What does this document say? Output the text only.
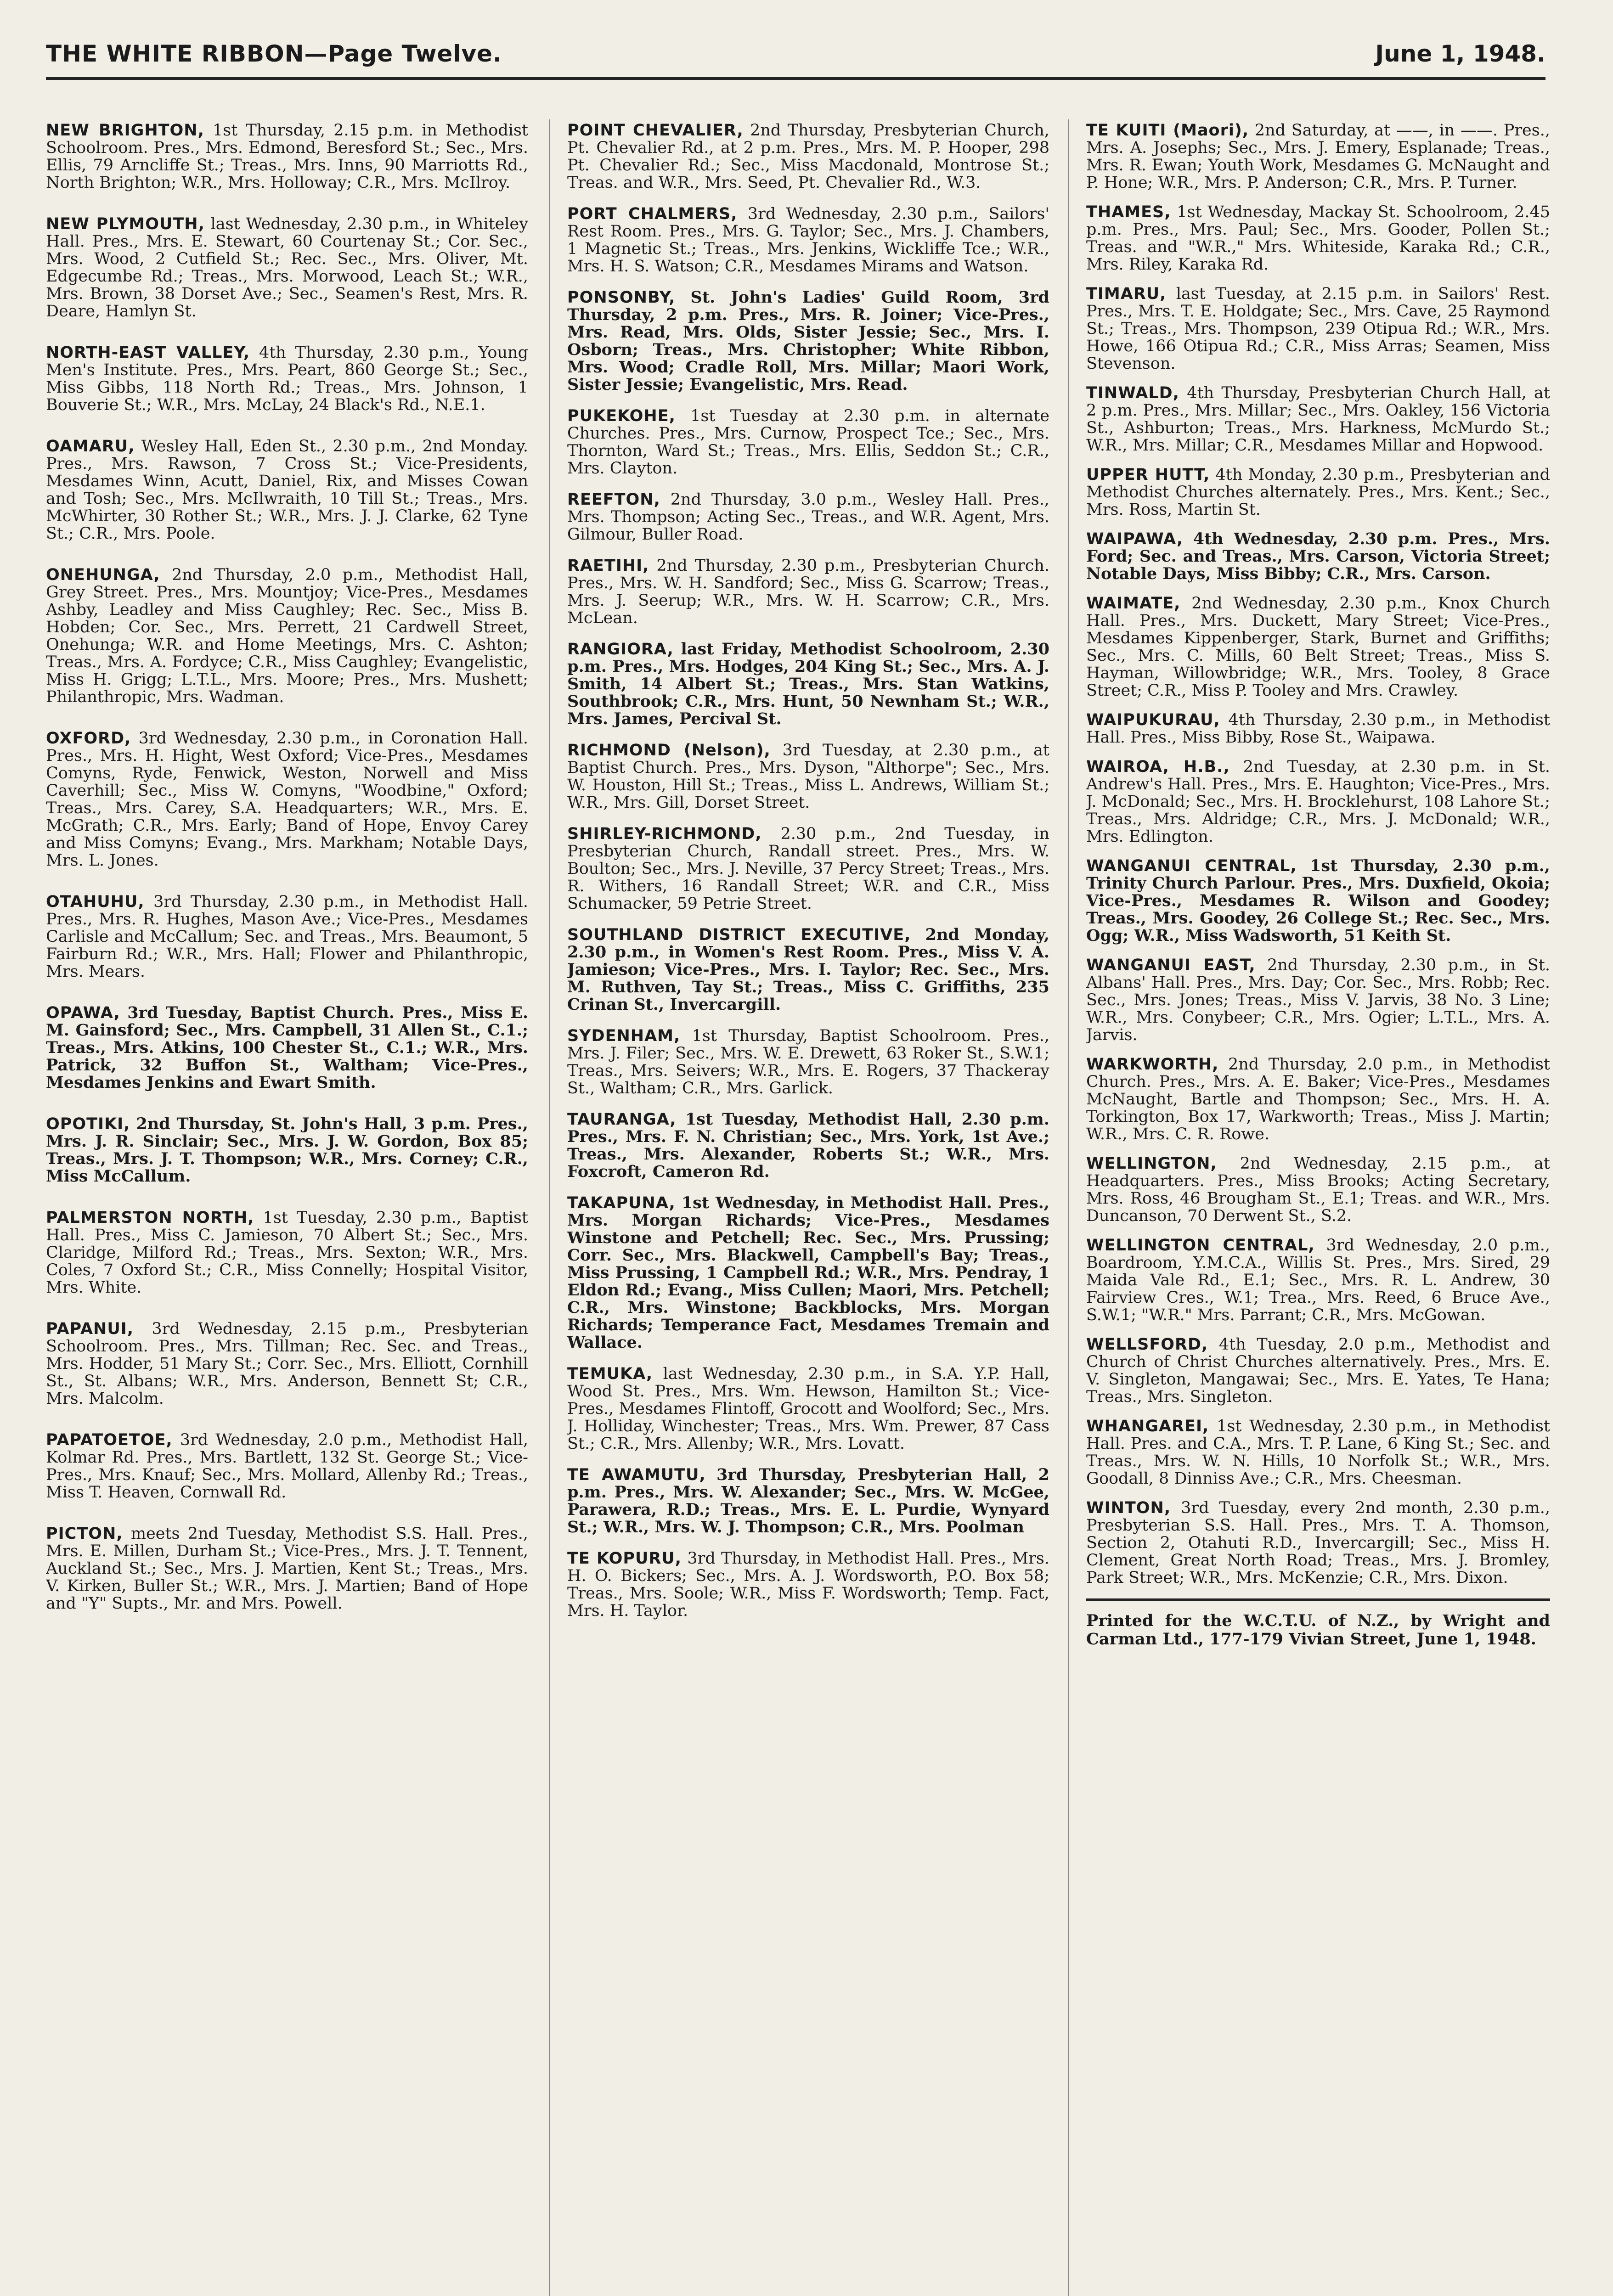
THE WHITE RIBBON—Page Twelve.	June 1, 1948.

NEW BRIGHTON, 1st Thursday, 2.15 p.m. in Methodist Schoolroom. Pres., Mrs. Edmond, Beresford St.; Sec., Mrs. Ellis, 79 Arncliffe St.; Treas., Mrs. Inns, 90 Marriotts Rd., North Brighton; W.R., Mrs. Holloway; C.R., Mrs. McIlroy.

NEW PLYMOUTH, last Wednesday, 2.30 p.m., in Whiteley Hall. Pres., Mrs. E. Stewart, 60 Courtenay St.; Cor. Sec., Mrs. Wood, 2 Cutfield St.; Rec. Sec., Mrs. Oliver, Mt. Edgecumbe Rd.; Treas., Mrs. Morwood, Leach St.; W.R., Mrs. Brown, 38 Dorset Ave.; Sec., Seamen's Rest, Mrs. R. Deare, Hamlyn St.

NORTH-EAST VALLEY, 4th Thursday, 2.30 p.m., Young Men's Institute. Pres., Mrs. Peart, 860 George St.; Sec., Miss Gibbs, 118 North Rd.; Treas., Mrs. Johnson, 1 Bouverie St.; W.R., Mrs. McLay, 24 Black's Rd., N.E.1.

OAMARU, Wesley Hall, Eden St., 2.30 p.m., 2nd Monday. Pres., Mrs. Rawson, 7 Cross St.; Vice-Presidents, Mesdames Winn, Acutt, Daniel, Rix, and Misses Cowan and Tosh; Sec., Mrs. McIlwraith, 10 Till St.; Treas., Mrs. McWhirter, 30 Rother St.; W.R., Mrs. J. J. Clarke, 62 Tyne St.; C.R., Mrs. Poole.

ONEHUNGA, 2nd Thursday, 2.0 p.m., Methodist Hall, Grey Street. Pres., Mrs. Mountjoy; Vice-Pres., Mesdames Ashby, Leadley and Miss Caughley; Rec. Sec., Miss B. Hobden; Cor. Sec., Mrs. Perrett, 21 Cardwell Street, Onehunga; W.R. and Home Meetings, Mrs. C. Ashton; Treas., Mrs. A. Fordyce; C.R., Miss Caughley; Evangelistic, Miss H. Grigg; L.T.L., Mrs. Moore; Pres., Mrs. Mushett; Philanthropic, Mrs. Wadman.

OXFORD, 3rd Wednesday, 2.30 p.m., in Coronation Hall. Pres., Mrs. H. Hight, West Oxford; Vice-Pres., Mesdames Comyns, Ryde, Fenwick, Weston, Norwell and Miss Caverhill; Sec., Miss W. Comyns, "Woodbine," Oxford; Treas., Mrs. Carey, S.A. Headquarters; W.R., Mrs. E. McGrath; C.R., Mrs. Early; Band of Hope, Envoy Carey and Miss Comyns; Evang., Mrs. Markham; Notable Days, Mrs. L. Jones.

OTAHUHU, 3rd Thursday, 2.30 p.m., in Methodist Hall. Pres., Mrs. R. Hughes, Mason Ave.; Vice-Pres., Mesdames Carlisle and McCallum; Sec. and Treas., Mrs. Beaumont, 5 Fairburn Rd.; W.R., Mrs. Hall; Flower and Philanthropic, Mrs. Mears.

OPAWA, 3rd Tuesday, Baptist Church. Pres., Miss E. M. Gainsford; Sec., Mrs. Campbell, 31 Allen St., C.1.; Treas., Mrs. Atkins, 100 Chester St., C.1.; W.R., Mrs. Patrick, 32 Buffon St., Waltham; Vice-Pres., Mesdames Jenkins and Ewart Smith.

OPOTIKI, 2nd Thursday, St. John's Hall, 3 p.m. Pres., Mrs. J. R. Sinclair; Sec., Mrs. J. W. Gordon, Box 85; Treas., Mrs. J. T. Thompson; W.R., Mrs. Corney; C.R., Miss McCallum.

PALMERSTON NORTH, 1st Tuesday, 2.30 p.m., Baptist Hall. Pres., Miss C. Jamieson, 70 Albert St.; Sec., Mrs. Claridge, Milford Rd.; Treas., Mrs. Sexton; W.R., Mrs. Coles, 7 Oxford St.; C.R., Miss Connelly; Hospital Visitor, Mrs. White.

PAPANUI, 3rd Wednesday, 2.15 p.m., Presbyterian Schoolroom. Pres., Mrs. Tillman; Rec. Sec. and Treas., Mrs. Hodder, 51 Mary St.; Corr. Sec., Mrs. Elliott, Cornhill St., St. Albans; W.R., Mrs. Anderson, Bennett St; C.R., Mrs. Malcolm.

PAPATOETOE, 3rd Wednesday, 2.0 p.m., Methodist Hall, Kolmar Rd. Pres., Mrs. Bartlett, 132 St. George St.; Vice-Pres., Mrs. Knauf; Sec., Mrs. Mollard, Allenby Rd.; Treas., Miss T. Heaven, Cornwall Rd.

PICTON, meets 2nd Tuesday, Methodist S.S. Hall. Pres., Mrs. E. Millen, Durham St.; Vice-Pres., Mrs. J. T. Tennent, Auckland St.; Sec., Mrs. J. Martien, Kent St.; Treas., Mrs. V. Kirken, Buller St.; W.R., Mrs. J. Martien; Band of Hope and "Y" Supts., Mr. and Mrs. Powell.

POINT CHEVALIER, 2nd Thursday, Presbyterian Church, Pt. Chevalier Rd., at 2 p.m. Pres., Mrs. M. P. Hooper, 298 Pt. Chevalier Rd.; Sec., Miss Macdonald, Montrose St.; Treas. and W.R., Mrs. Seed, Pt. Chevalier Rd., W.3.

PORT CHALMERS, 3rd Wednesday, 2.30 p.m., Sailors' Rest Room. Pres., Mrs. G. Taylor; Sec., Mrs. J. Chambers, 1 Magnetic St.; Treas., Mrs. Jenkins, Wickliffe Tce.; W.R., Mrs. H. S. Watson; C.R., Mesdames Mirams and Watson.

PONSONBY, St. John's Ladies' Guild Room, 3rd Thursday, 2 p.m. Pres., Mrs. R. Joiner; Vice-Pres., Mrs. Read, Mrs. Olds, Sister Jessie; Sec., Mrs. I. Osborn; Treas., Mrs. Christopher; White Ribbon, Mrs. Wood; Cradle Roll, Mrs. Millar; Maori Work, Sister Jessie; Evangelistic, Mrs. Read.

PUKEKOHE, 1st Tuesday at 2.30 p.m. in alternate Churches. Pres., Mrs. Curnow, Prospect Tce.; Sec., Mrs. Thornton, Ward St.; Treas., Mrs. Ellis, Seddon St.; C.R., Mrs. Clayton.

REEFTON, 2nd Thursday, 3.0 p.m., Wesley Hall. Pres., Mrs. Thompson; Acting Sec., Treas., and W.R. Agent, Mrs. Gilmour, Buller Road.

RAETIHI, 2nd Thursday, 2.30 p.m., Presbyterian Church. Pres., Mrs. W. H. Sandford; Sec., Miss G. Scarrow; Treas., Mrs. J. Seerup; W.R., Mrs. W. H. Scarrow; C.R., Mrs. McLean.

RANGIORA, last Friday, Methodist Schoolroom, 2.30 p.m. Pres., Mrs. Hodges, 204 King St.; Sec., Mrs. A. J. Smith, 14 Albert St.; Treas., Mrs. Stan Watkins, Southbrook; C.R., Mrs. Hunt, 50 Newnham St.; W.R., Mrs. James, Percival St.

RICHMOND (Nelson), 3rd Tuesday, at 2.30 p.m., at Baptist Church. Pres., Mrs. Dyson, "Althorpe"; Sec., Mrs. W. Houston, Hill St.; Treas., Miss L. Andrews, William St.; W.R., Mrs. Gill, Dorset Street.

SHIRLEY-RICHMOND, 2.30 p.m., 2nd Tuesday, in Presbyterian Church, Randall street. Pres., Mrs. W. Boulton; Sec., Mrs. J. Neville, 37 Percy Street; Treas., Mrs. R. Withers, 16 Randall Street; W.R. and C.R., Miss Schumacker, 59 Petrie Street.

SOUTHLAND DISTRICT EXECUTIVE, 2nd Monday, 2.30 p.m., in Women's Rest Room. Pres., Miss V. A. Jamieson; Vice-Pres., Mrs. I. Taylor; Rec. Sec., Mrs. M. Ruthven, Tay St.; Treas., Miss C. Griffiths, 235 Crinan St., Invercargill.

SYDENHAM, 1st Thursday, Baptist Schoolroom. Pres., Mrs. J. Filer; Sec., Mrs. W. E. Drewett, 63 Roker St., S.W.1; Treas., Mrs. Seivers; W.R., Mrs. E. Rogers, 37 Thackeray St., Waltham; C.R., Mrs. Garlick.

TAURANGA, 1st Tuesday, Methodist Hall, 2.30 p.m. Pres., Mrs. F. N. Christian; Sec., Mrs. York, 1st Ave.; Treas., Mrs. Alexander, Roberts St.; W.R., Mrs. Foxcroft, Cameron Rd.

TAKAPUNA, 1st Wednesday, in Methodist Hall. Pres., Mrs. Morgan Richards; Vice-Pres., Mesdames Winstone and Petchell; Rec. Sec., Mrs. Prussing; Corr. Sec., Mrs. Blackwell, Campbell's Bay; Treas., Miss Prussing, 1 Campbell Rd.; W.R., Mrs. Pendray, 1 Eldon Rd.; Evang., Miss Cullen; Maori, Mrs. Petchell; C.R., Mrs. Winstone; Backblocks, Mrs. Morgan Richards; Temperance Fact, Mesdames Tremain and Wallace.

TEMUKA, last Wednesday, 2.30 p.m., in S.A. Y.P. Hall, Wood St. Pres., Mrs. Wm. Hewson, Hamilton St.; Vice-Pres., Mesdames Flintoff, Grocott and Woolford; Sec., Mrs. J. Holliday, Winchester; Treas., Mrs. Wm. Prewer, 87 Cass St.; C.R., Mrs. Allenby; W.R., Mrs. Lovatt.

TE AWAMUTU, 3rd Thursday, Presbyterian Hall, 2 p.m. Pres., Mrs. W. Alexander; Sec., Mrs. W. McGee, Parawera, R.D.; Treas., Mrs. E. L. Purdie, Wynyard St.; W.R., Mrs. W. J. Thompson; C.R., Mrs. Poolman

TE KOPURU, 3rd Thursday, in Methodist Hall. Pres., Mrs. H. O. Bickers; Sec., Mrs. A. J. Wordsworth, P.O. Box 58; Treas., Mrs. Soole; W.R., Miss F. Wordsworth; Temp. Fact, Mrs. H. Taylor.

TE KUITI (Maori), 2nd Saturday, at ——, in ——. Pres., Mrs. A. Josephs; Sec., Mrs. J. Emery, Esplanade; Treas., Mrs. R. Ewan; Youth Work, Mesdames G. McNaught and P. Hone; W.R., Mrs. P. Anderson; C.R., Mrs. P. Turner.

THAMES, 1st Wednesday, Mackay St. Schoolroom, 2.45 p.m. Pres., Mrs. Paul; Sec., Mrs. Gooder, Pollen St.; Treas. and "W.R.," Mrs. Whiteside, Karaka Rd.; C.R., Mrs. Riley, Karaka Rd.

TIMARU, last Tuesday, at 2.15 p.m. in Sailors' Rest. Pres., Mrs. T. E. Holdgate; Sec., Mrs. Cave, 25 Raymond St.; Treas., Mrs. Thompson, 239 Otipua Rd.; W.R., Mrs. Howe, 166 Otipua Rd.; C.R., Miss Arras; Seamen, Miss Stevenson.

TINWALD, 4th Thursday, Presbyterian Church Hall, at 2 p.m. Pres., Mrs. Millar; Sec., Mrs. Oakley, 156 Victoria St., Ashburton; Treas., Mrs. Harkness, McMurdo St.; W.R., Mrs. Millar; C.R., Mesdames Millar and Hopwood.

UPPER HUTT, 4th Monday, 2.30 p.m., Presbyterian and Methodist Churches alternately. Pres., Mrs. Kent.; Sec., Mrs. Ross, Martin St.

WAIPAWA, 4th Wednesday, 2.30 p.m. Pres., Mrs. Ford; Sec. and Treas., Mrs. Carson, Victoria Street; Notable Days, Miss Bibby; C.R., Mrs. Carson.

WAIMATE, 2nd Wednesday, 2.30 p.m., Knox Church Hall. Pres., Mrs. Duckett, Mary Street; Vice-Pres., Mesdames Kippenberger, Stark, Burnet and Griffiths; Sec., Mrs. C. Mills, 60 Belt Street; Treas., Miss S. Hayman, Willowbridge; W.R., Mrs. Tooley, 8 Grace Street; C.R., Miss P. Tooley and Mrs. Crawley.

WAIPUKURAU, 4th Thursday, 2.30 p.m., in Methodist Hall. Pres., Miss Bibby, Rose St., Waipawa.

WAIROA, H.B., 2nd Tuesday, at 2.30 p.m. in St. Andrew's Hall. Pres., Mrs. E. Haughton; Vice-Pres., Mrs. J. McDonald; Sec., Mrs. H. Brocklehurst, 108 Lahore St.; Treas., Mrs. Aldridge; C.R., Mrs. J. McDonald; W.R., Mrs. Edlington.

WANGANUI CENTRAL, 1st Thursday, 2.30 p.m., Trinity Church Parlour. Pres., Mrs. Duxfield, Okoia; Vice-Pres., Mesdames R. Wilson and Goodey; Treas., Mrs. Goodey, 26 College St.; Rec. Sec., Mrs. Ogg; W.R., Miss Wadsworth, 51 Keith St.

WANGANUI EAST, 2nd Thursday, 2.30 p.m., in St. Albans' Hall. Pres., Mrs. Day; Cor. Sec., Mrs. Robb; Rec. Sec., Mrs. Jones; Treas., Miss V. Jarvis, 38 No. 3 Line; W.R., Mrs. Conybeer; C.R., Mrs. Ogier; L.T.L., Mrs. A. Jarvis.

WARKWORTH, 2nd Thursday, 2.0 p.m., in Methodist Church. Pres., Mrs. A. E. Baker; Vice-Pres., Mesdames McNaught, Bartle and Thompson; Sec., Mrs. H. A. Torkington, Box 17, Warkworth; Treas., Miss J. Martin; W.R., Mrs. C. R. Rowe.

WELLINGTON, 2nd Wednesday, 2.15 p.m., at Headquarters. Pres., Miss Brooks; Acting Secretary, Mrs. Ross, 46 Brougham St., E.1; Treas. and W.R., Mrs. Duncanson, 70 Derwent St., S.2.

WELLINGTON CENTRAL, 3rd Wednesday, 2.0 p.m., Boardroom, Y.M.C.A., Willis St. Pres., Mrs. Sired, 29 Maida Vale Rd., E.1; Sec., Mrs. R. L. Andrew, 30 Fairview Cres., W.1; Trea., Mrs. Reed, 6 Bruce Ave., S.W.1; "W.R." Mrs. Parrant; C.R., Mrs. McGowan.

WELLSFORD, 4th Tuesday, 2.0 p.m., Methodist and Church of Christ Churches alternatively. Pres., Mrs. E. V. Singleton, Mangawai; Sec., Mrs. E. Yates, Te Hana; Treas., Mrs. Singleton.

WHANGAREI, 1st Wednesday, 2.30 p.m., in Methodist Hall. Pres. and C.A., Mrs. T. P. Lane, 6 King St.; Sec. and Treas., Mrs. W. N. Hills, 10 Norfolk St.; W.R., Mrs. Goodall, 8 Dinniss Ave.; C.R., Mrs. Cheesman.

WINTON, 3rd Tuesday, every 2nd month, 2.30 p.m., Presbyterian S.S. Hall. Pres., Mrs. T. A. Thomson, Section 2, Otahuti R.D., Invercargill; Sec., Miss H. Clement, Great North Road; Treas., Mrs. J. Bromley, Park Street; W.R., Mrs. McKenzie; C.R., Mrs. Dixon.

Printed for the W.C.T.U. of N.Z., by Wright and Carman Ltd., 177-179 Vivian Street, June 1, 1948.
